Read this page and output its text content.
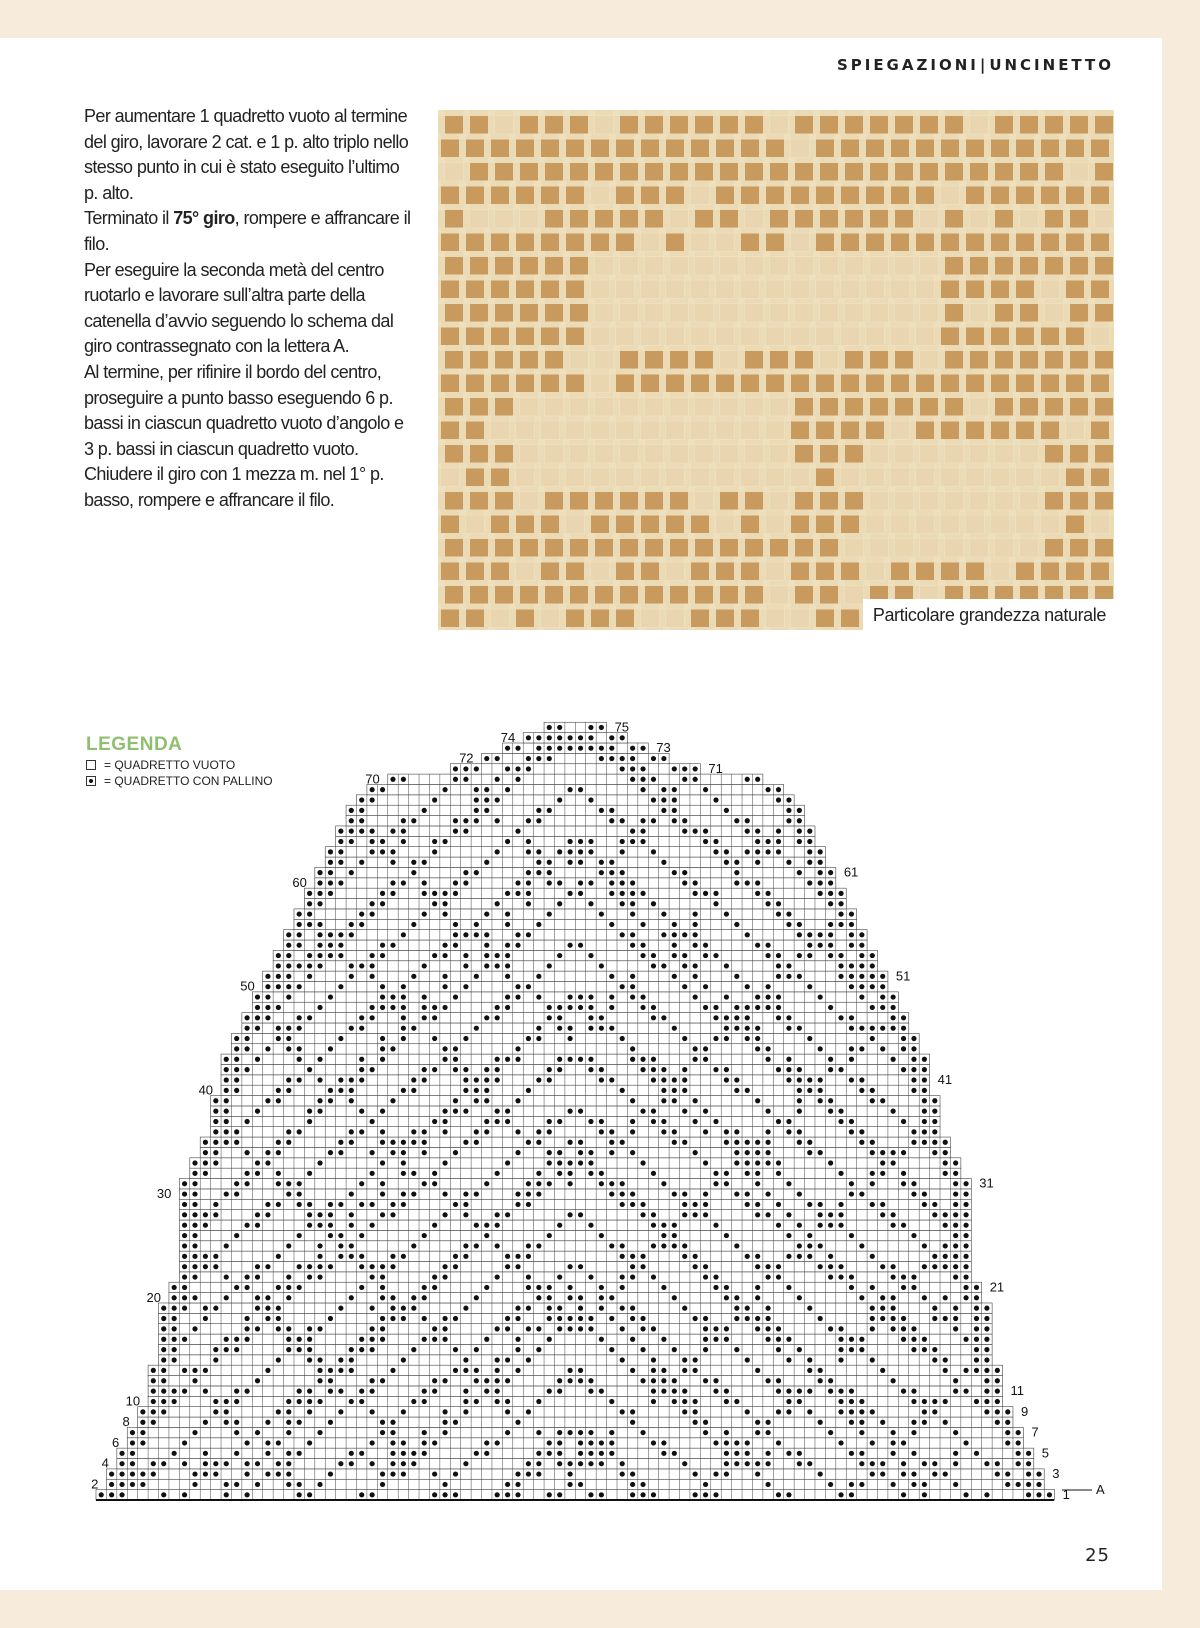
SPIEGAZIONI|UNCINETTO

Per aumentare 1 quadretto vuoto al termine del giro, lavorare 2 cat. e 1 p. alto triplo nello stesso punto in cui è stato eseguito l’ultimo p. alto.

Terminato il 75° giro, rompere e affrancare il filo.

Per eseguire la seconda metà del centro ruotarlo e lavorare sull’altra parte della catenella d’avvio seguendo lo schema dal giro contrassegnato con la lettera A.

Al termine, per rifinire il bordo del centro, proseguire a punto basso eseguendo 6 p. bassi in ciascun quadretto vuoto d’angolo e 3 p. bassi in ciascun quadretto vuoto.

Chiudere il giro con 1 mezza m. nel 1° p. basso, rompere e affrancare il filo.

Particolare grandezza naturale
LEGENDA
= QUADRETTO VUOTO
= QUADRETTO CON PALLINO
25
2
4
6
8
10
20
30
40
50
60
70
72
74
1
3
5
7
9
11
21
31
41
51
61
71
73
75
A
